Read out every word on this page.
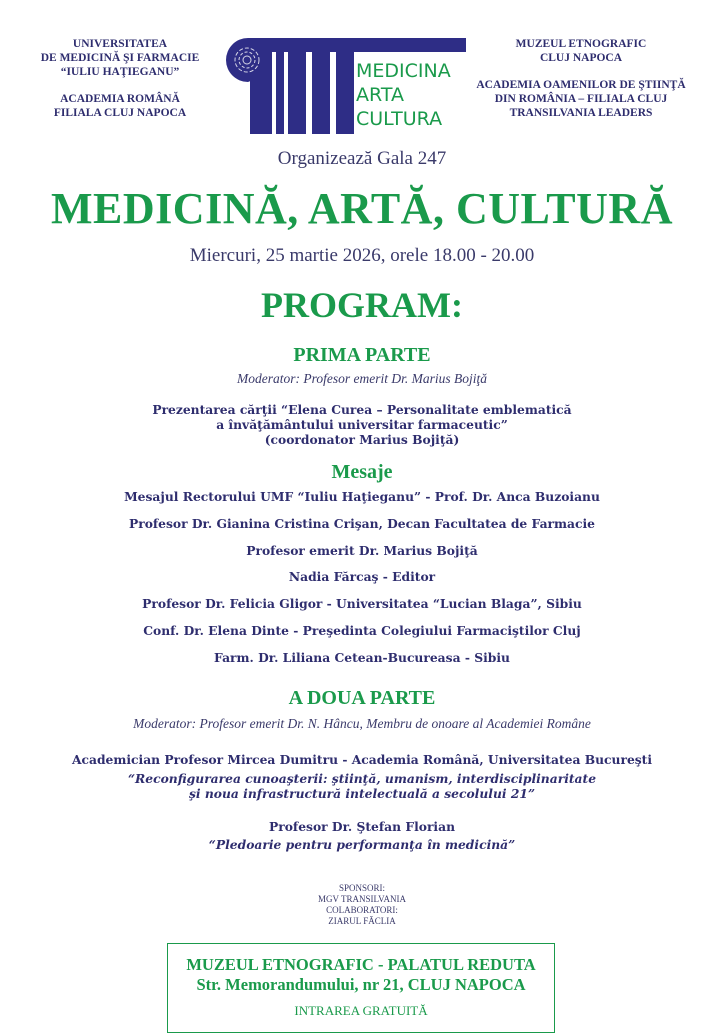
UNIVERSITATEA
DE MEDICINĂ ŞI FARMACIE
“IULIU HAŢIEGANU”
ACADEMIA ROMÂNĂ
FILIALA CLUJ NAPOCA
MEDICINA
ARTA
CULTURA
MUZEUL ETNOGRAFIC
CLUJ NAPOCA
ACADEMIA OAMENILOR DE ŞTIINŢĂ
DIN ROMÂNIA – FILIALA CLUJ
TRANSILVANIA LEADERS
Organizează Gala 247
MEDICINĂ, ARTĂ, CULTURĂ
Miercuri, 25 martie 2026, orele 18.00 - 20.00
PROGRAM:
PRIMA PARTE
Moderator: Profesor emerit Dr. Marius Bojiţă
Prezentarea cărţii “Elena Curea – Personalitate emblematică
a învăţământului universitar farmaceutic”
(coordonator Marius Bojiţă)
Mesaje
Mesajul Rectorului UMF “Iuliu Haţieganu” - Prof. Dr. Anca Buzoianu
Profesor Dr. Gianina Cristina Crişan, Decan Facultatea de Farmacie
Profesor emerit Dr. Marius Bojiţă
Nadia Fărcaş - Editor
Profesor Dr. Felicia Gligor - Universitatea “Lucian Blaga”, Sibiu
Conf. Dr. Elena Dinte - Preşedinta Colegiului Farmaciştilor Cluj
Farm. Dr. Liliana Cetean-Bucureasa - Sibiu
A DOUA PARTE
Moderator: Profesor emerit Dr. N. Hâncu, Membru de onoare al Academiei Române
Academician Profesor Mircea Dumitru - Academia Română, Universitatea Bucureşti
“Reconfigurarea cunoaşterii: ştiinţă, umanism, interdisciplinaritate
şi noua infrastructură intelectuală a secolului 21”
Profesor Dr. Ştefan Florian
“Pledoarie pentru performanţa în medicină”
SPONSORI:
MGV TRANSILVANIA
COLABORATORI:
ZIARUL FĂCLIA
MUZEUL ETNOGRAFIC - PALATUL REDUTA
Str. Memorandumului, nr 21, CLUJ NAPOCA
INTRAREA GRATUITĂ
